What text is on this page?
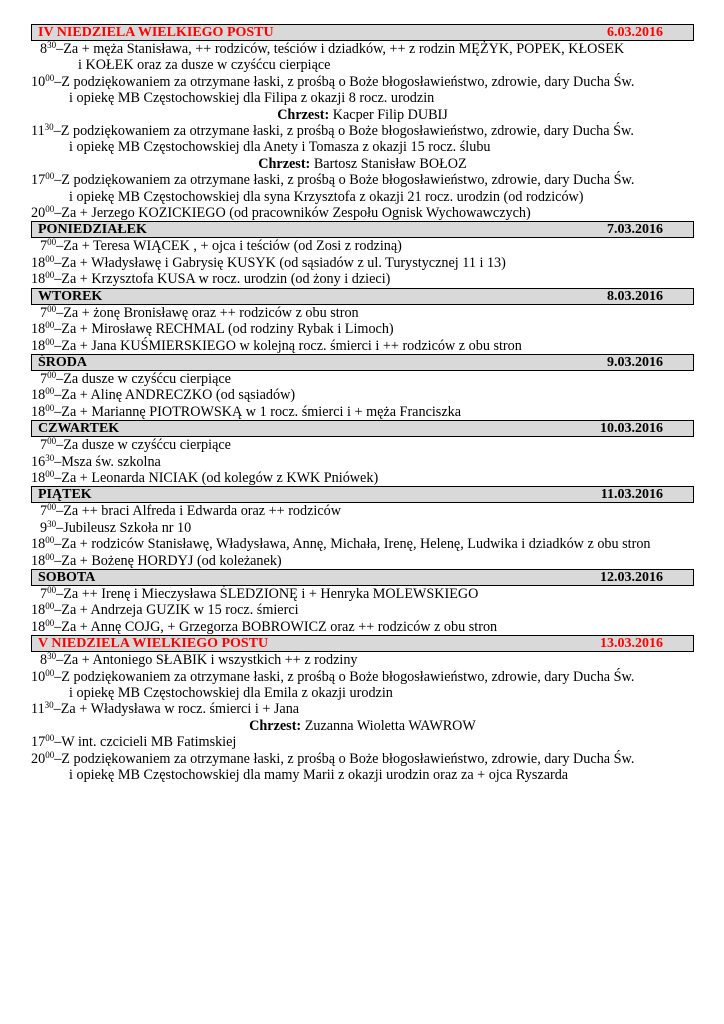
IV NIEDZIELA WIELKIEGO POSTU	6.03.2016
$8^{30}-Za$ + męża Stanisława, ++ rodziców, teściów i dziadków, ++ z rodzin MĘŻYK, POPEK, KŁOSEK
i KOŁEK oraz za dusze w czyśćcu cierpiące
$10^{00}-Z$ podziękowaniem za otrzymane łaski, z prośbą o Boże błogosławieństwo, zdrowie, dary Ducha Św.
i opiekę MB Częstochowskiej dla Filipa z okazji 8 rocz. urodzin
Chrzest: Kacper Filip DUBIJ
$11^{30}-Z$ podziękowaniem za otrzymane łaski, z prośbą o Boże błogosławieństwo, zdrowie, dary Ducha Św.
i opiekę MB Częstochowskiej dla Anety i Tomasza z okazji 15 rocz. ślubu
Chrzest: Bartosz Stanisław BOŁOZ
$17^{00}-Z$ podziękowaniem za otrzymane łaski, z prośbą o Boże błogosławieństwo, zdrowie, dary Ducha Św.
i opiekę MB Częstochowskiej dla syna Krzysztofa z okazji 21 rocz. urodzin (od rodziców)
$20^{00}-Za$ + Jerzego KOZICKIEGO (od pracowników Zespołu Ognisk Wychowawczych)
PONIEDZIAŁEK	7.03.2016
$7^{00}-Za$ + Teresa WIĄCEK , + ojca i teściów (od Zosi z rodziną)
$18^{00}-Za$ + Władysławę i Gabrysię KUSYK (od sąsiadów z ul. Turystycznej 11 i 13)
$18^{00}-Za$ + Krzysztofa KUSA w rocz. urodzin (od żony i dzieci)
WTOREK	8.03.2016
$7^{00}-Za$ + żonę Bronisławę oraz ++ rodziców z obu stron
$18^{00}-Za$ + Mirosławę RECHMAL (od rodziny Rybak i Limoch)
$18^{00}-Za$ + Jana KUŚMIERSKIEGO w kolejną rocz. śmierci i ++ rodziców z obu stron
ŚRODA	9.03.2016
$7^{00}-Za$ dusze w czyśćcu cierpiące
$18^{00}-Za$ + Alinę ANDRECZKO (od sąsiadów)
$18^{00}-Za$ + Mariannę PIOTROWSKĄ w 1 rocz. śmierci i + męża Franciszka
CZWARTEK	10.03.2016
$7^{00}-Za$ dusze w czyśćcu cierpiące
$16^{30}$–Msza św. szkolna
$18^{00}-Za$ + Leonarda NICIAK (od kolegów z KWK Pniówek)
PIĄTEK	11.03.2016
$7^{00}-Za$ ++ braci Alfreda i Edwarda oraz ++ rodziców
$9^{30}$–Jubileusz Szkoła nr 10
$18^{00}-Za$ + rodziców Stanisławę, Władysława, Annę, Michała, Irenę, Helenę, Ludwika i dziadków z obu stron
$18^{00}-Za$ + Bożenę HORDYJ (od koleżanek)
SOBOTA	12.03.2016
$7^{00}-Za$ ++ Irenę i Mieczysława ŚLEDZIONĘ i + Henryka MOLEWSKIEGO
$18^{00}-Za$ + Andrzeja GUZIK w 15 rocz. śmierci
$18^{00}-Za$ + Annę COJG, + Grzegorza BOBROWICZ oraz ++ rodziców z obu stron
V NIEDZIELA WIELKIEGO POSTU	13.03.2016
$8^{30}-Za$ + Antoniego SŁABIK i wszystkich ++ z rodziny
$10^{00}-Z$ podziękowaniem za otrzymane łaski, z prośbą o Boże błogosławieństwo, zdrowie, dary Ducha Św.
i opiekę MB Częstochowskiej dla Emila z okazji urodzin
$11^{30}-Za$ + Władysława w rocz. śmierci i + Jana
Chrzest: Zuzanna Wioletta WAWROW
$17^{00}-W$ int. czcicieli MB Fatimskiej
$20^{00}-Z$ podziękowaniem za otrzymane łaski, z prośbą o Boże błogosławieństwo, zdrowie, dary Ducha Św.
i opiekę MB Częstochowskiej dla mamy Marii z okazji urodzin oraz za + ojca Ryszarda
